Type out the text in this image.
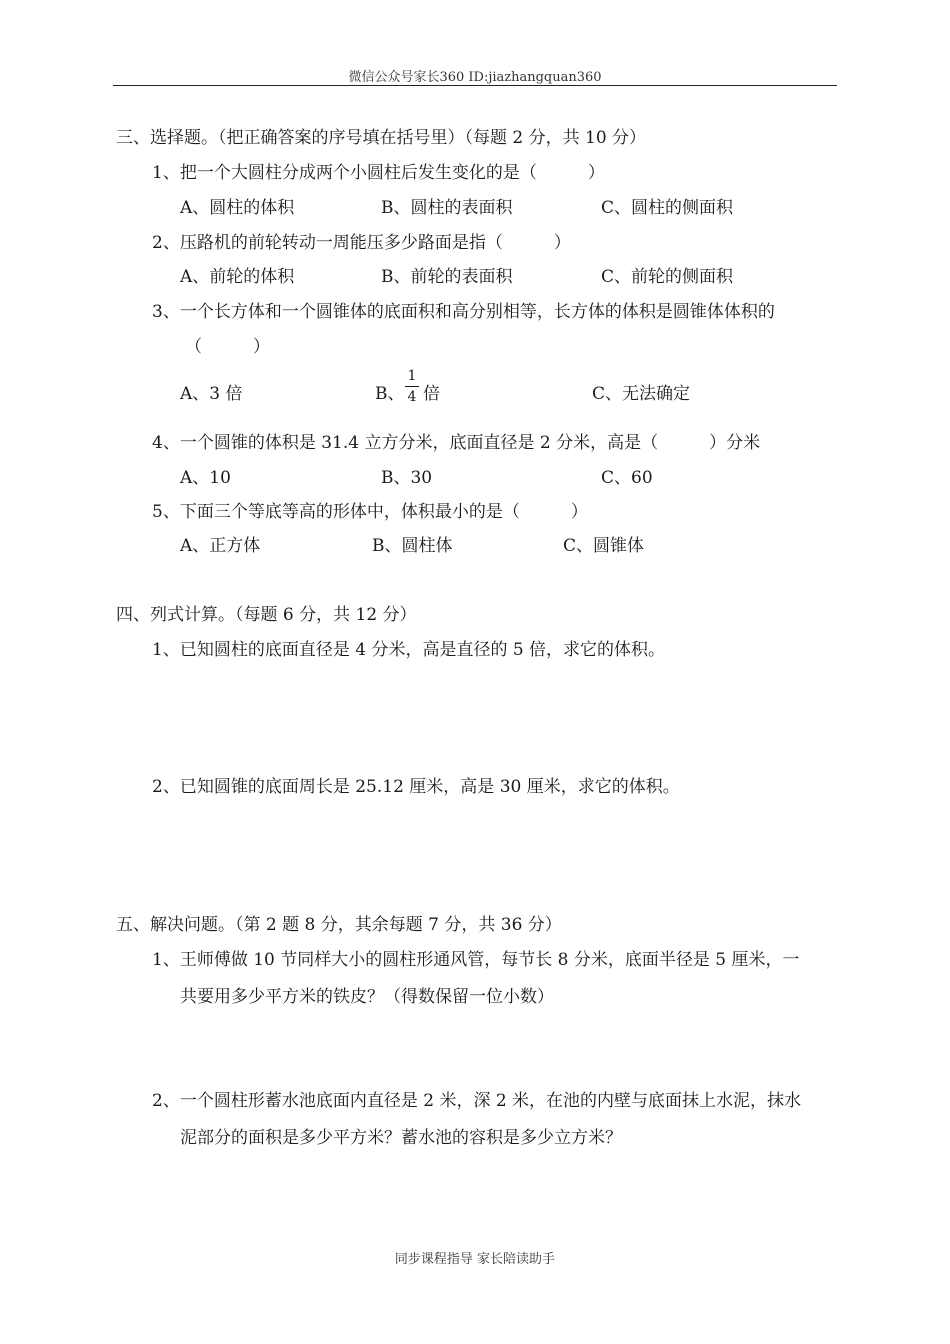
微信公众号家长360 ID:jiazhangquan360
三、选择题。（把正确答案的序号填在括号里）（每题 2 分，共 10 分）
1、把一个大圆柱分成两个小圆柱后发生变化的是（　　　）
A、圆柱的体积	B、圆柱的表面积	C、圆柱的侧面积
2、压路机的前轮转动一周能压多少路面是指（　　　）
A、前轮的体积	B、前轮的表面积	C、前轮的侧面积
3、一个长方体和一个圆锥体的底面积和高分别相等，长方体的体积是圆锥体体积的
（　　　）
A、3 倍	B、
1
4 倍	C、无法确定
4、一个圆锥的体积是 31.4 立方分米，底面直径是 2 分米，高是（　　　）分米
A、10	B、30	C、60
5、下面三个等底等高的形体中，体积最小的是（　　　）
A、正方体	B、圆柱体	C、圆锥体
四、列式计算。（每题 6 分，共 12 分）
1、已知圆柱的底面直径是 4 分米，高是直径的 5 倍，求它的体积。
2、已知圆锥的底面周长是 25.12 厘米，高是 30 厘米，求它的体积。
五、解决问题。（第 2 题 8 分，其余每题 7 分，共 36 分）
1、王师傅做 10 节同样大小的圆柱形通风管，每节长 8 分米，底面半径是 5 厘米，一
共要用多少平方米的铁皮？（得数保留一位小数）
2、一个圆柱形蓄水池底面内直径是 2 米，深 2 米，在池的内壁与底面抹上水泥，抹水
泥部分的面积是多少平方米？蓄水池的容积是多少立方米？
同步课程指导 家长陪读助手
